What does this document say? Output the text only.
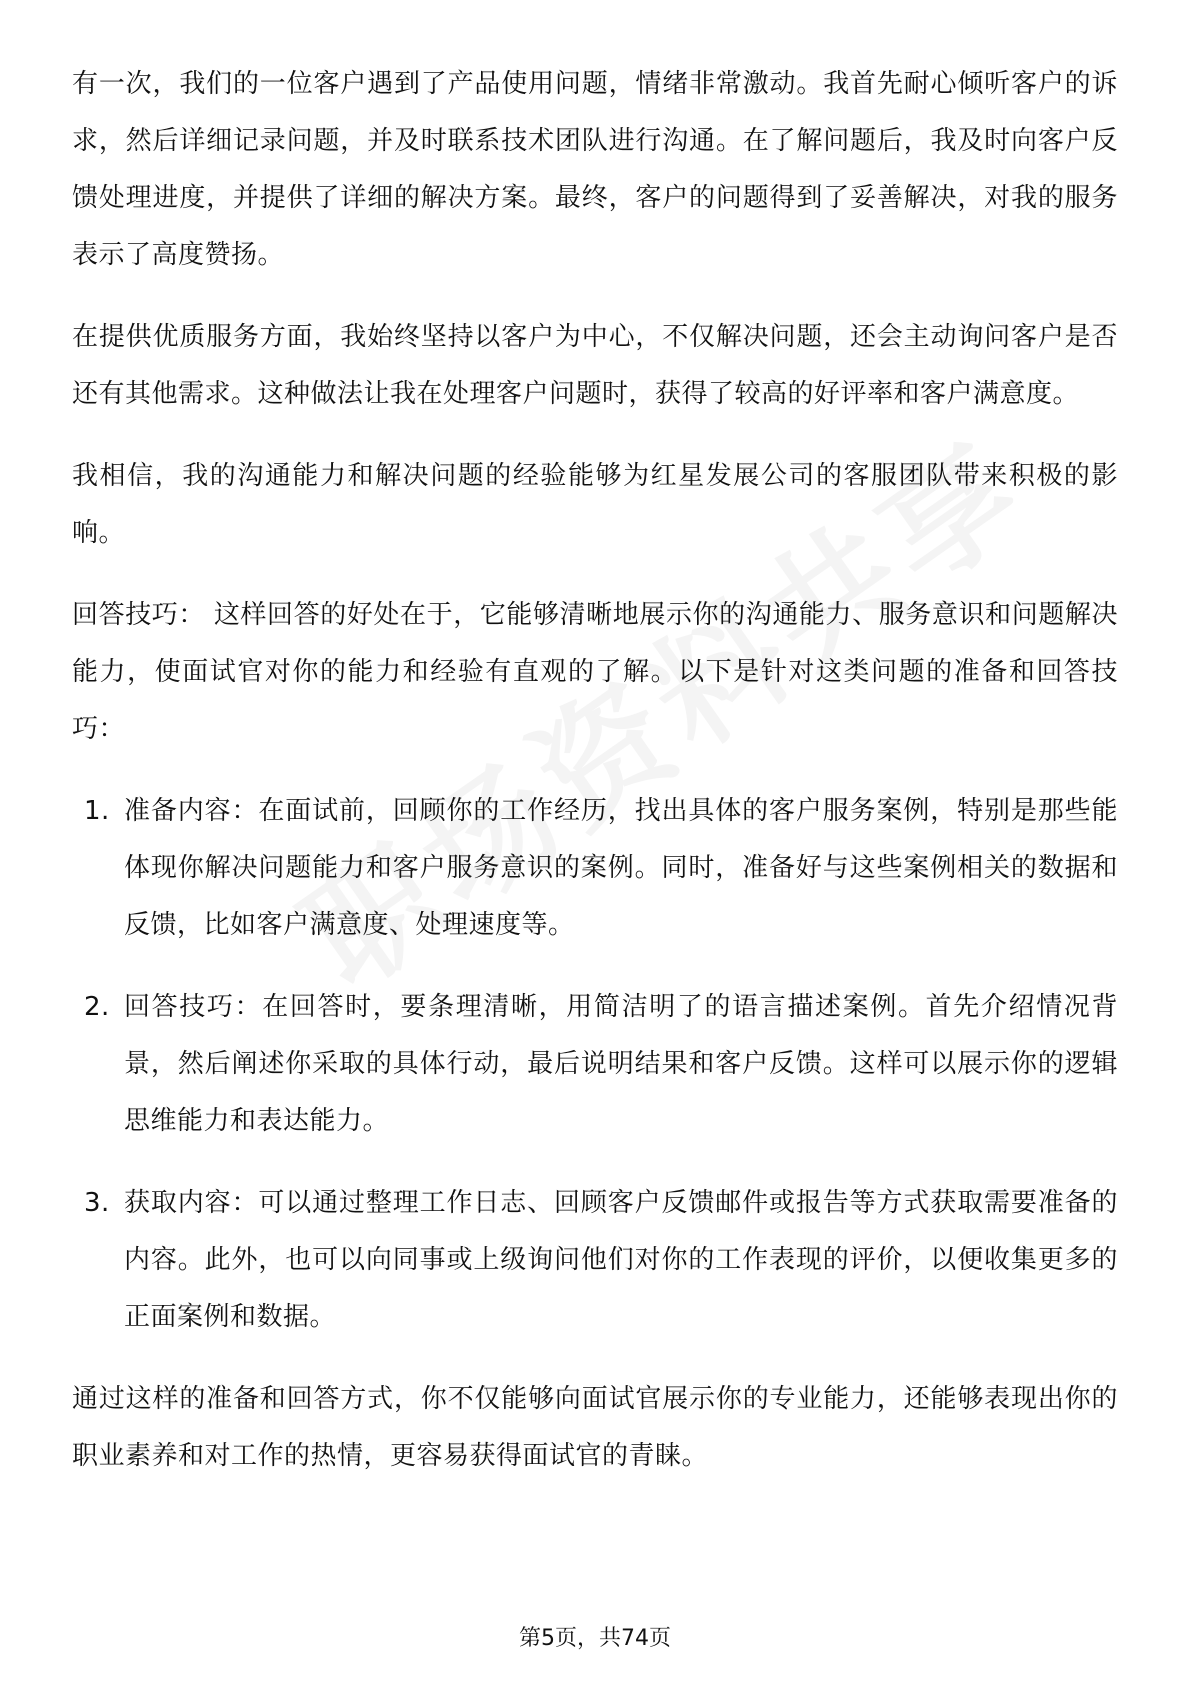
有一次，我们的一位客户遇到了产品使用问题，情绪非常激动。我首先耐心倾听客户的诉求，然后详细记录问题，并及时联系技术团队进行沟通。在了解问题后，我及时向客户反馈处理进度，并提供了详细的解决方案。最终，客户的问题得到了妥善解决，对我的服务表示了高度赞扬。

在提供优质服务方面，我始终坚持以客户为中心，不仅解决问题，还会主动询问客户是否还有其他需求。这种做法让我在处理客户问题时，获得了较高的好评率和客户满意度。

我相信，我的沟通能力和解决问题的经验能够为红星发展公司的客服团队带来积极的影响。

回答技巧： 这样回答的好处在于，它能够清晰地展示你的沟通能力、服务意识和问题解决能力，使面试官对你的能力和经验有直观的了解。以下是针对这类问题的准备和回答技巧：

1. 准备内容：在面试前，回顾你的工作经历，找出具体的客户服务案例，特别是那些能体现你解决问题能力和客户服务意识的案例。同时，准备好与这些案例相关的数据和反馈，比如客户满意度、处理速度等。
2. 回答技巧：在回答时，要条理清晰，用简洁明了的语言描述案例。首先介绍情况背景，然后阐述你采取的具体行动，最后说明结果和客户反馈。这样可以展示你的逻辑思维能力和表达能力。
3. 获取内容：可以通过整理工作日志、回顾客户反馈邮件或报告等方式获取需要准备的内容。此外，也可以向同事或上级询问他们对你的工作表现的评价，以便收集更多的正面案例和数据。

通过这样的准备和回答方式，你不仅能够向面试官展示你的专业能力，还能够表现出你的职业素养和对工作的热情，更容易获得面试官的青睐。

第5页，共74页
